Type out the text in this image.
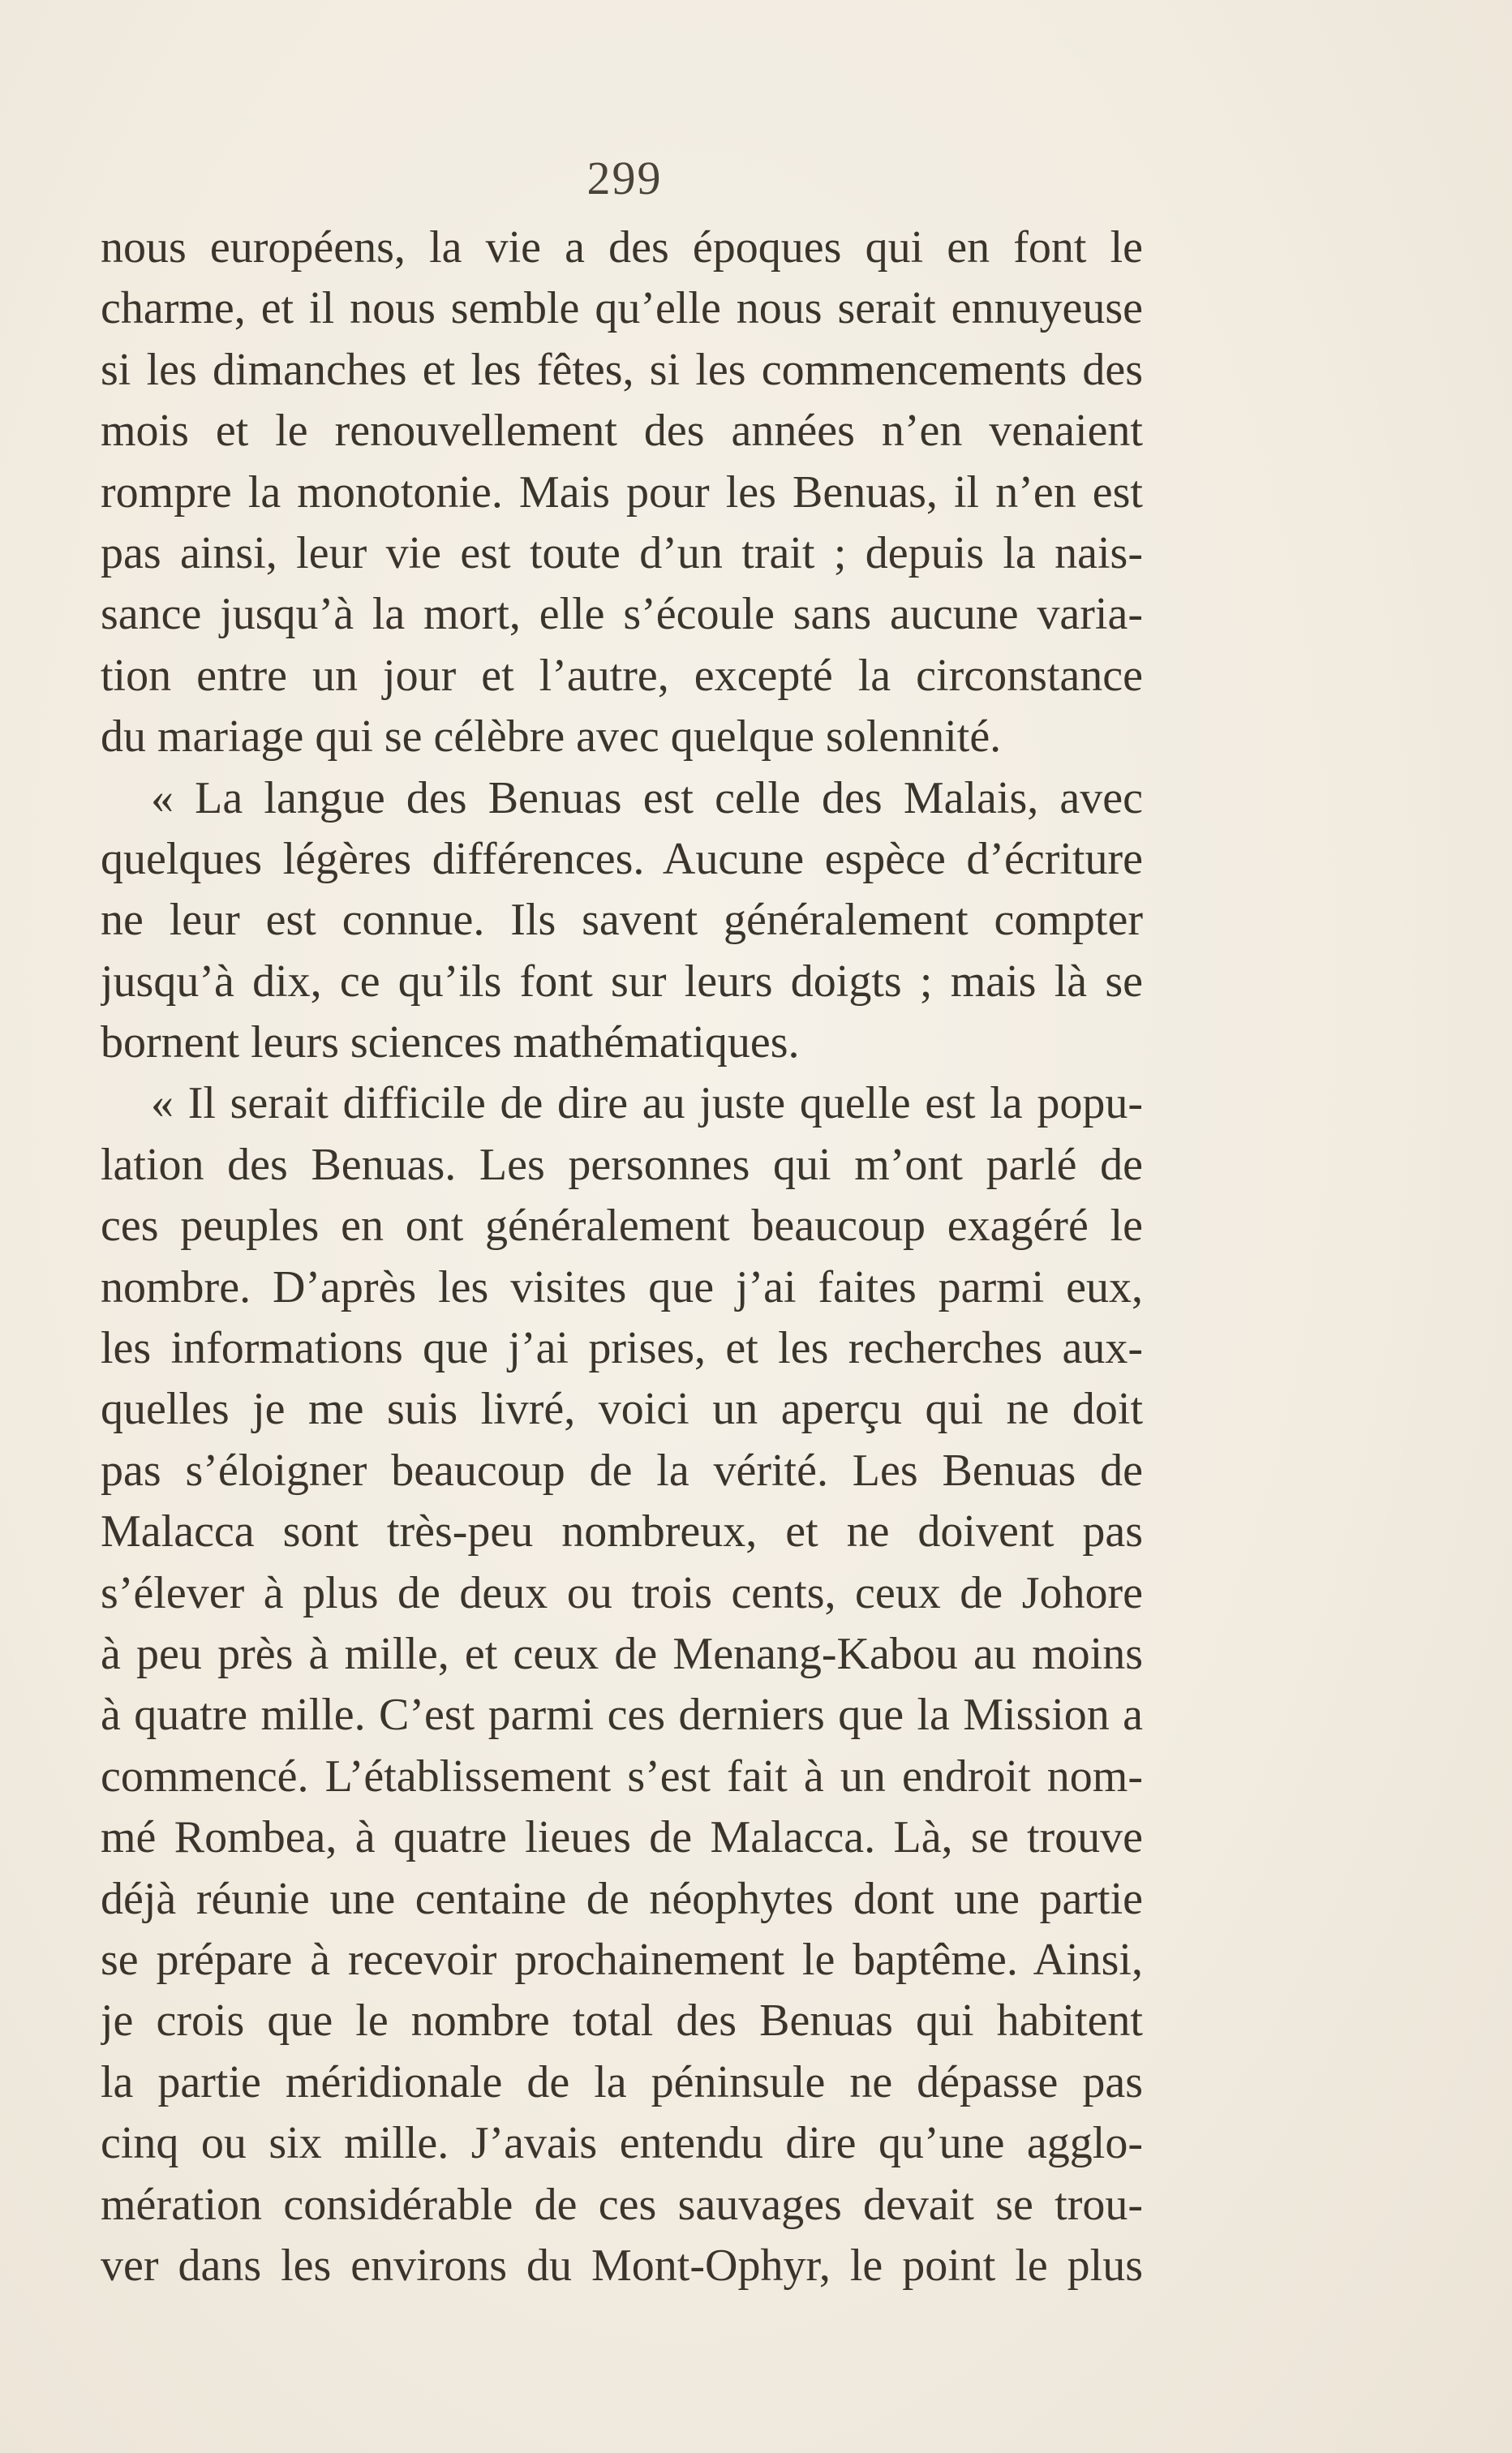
299
nous européens, la vie a des époques qui en font le
charme, et il nous semble qu’elle nous serait ennuyeuse
si les dimanches et les fêtes, si les commencements des
mois et le renouvellement des années n’en venaient
rompre la monotonie. Mais pour les Benuas, il n’en est
pas ainsi, leur vie est toute d’un trait ; depuis la nais-
sance jusqu’à la mort, elle s’écoule sans aucune varia-
tion entre un jour et l’autre, excepté la circonstance
du mariage qui se célèbre avec quelque solennité.
« La langue des Benuas est celle des Malais, avec
quelques légères différences. Aucune espèce d’écriture
ne leur est connue. Ils savent généralement compter
jusqu’à dix, ce qu’ils font sur leurs doigts ; mais là se
bornent leurs sciences mathématiques.
« Il serait difficile de dire au juste quelle est la popu-
lation des Benuas. Les personnes qui m’ont parlé de
ces peuples en ont généralement beaucoup exagéré le
nombre. D’après les visites que j’ai faites parmi eux,
les informations que j’ai prises, et les recherches aux-
quelles je me suis livré, voici un aperçu qui ne doit
pas s’éloigner beaucoup de la vérité. Les Benuas de
Malacca sont très-peu nombreux, et ne doivent pas
s’élever à plus de deux ou trois cents, ceux de Johore
à peu près à mille, et ceux de Menang-Kabou au moins
à quatre mille. C’est parmi ces derniers que la Mission a
commencé. L’établissement s’est fait à un endroit nom-
mé Rombea, à quatre lieues de Malacca. Là, se trouve
déjà réunie une centaine de néophytes dont une partie
se prépare à recevoir prochainement le baptême. Ainsi,
je crois que le nombre total des Benuas qui habitent
la partie méridionale de la péninsule ne dépasse pas
cinq ou six mille. J’avais entendu dire qu’une agglo-
mération considérable de ces sauvages devait se trou-
ver dans les environs du Mont-Ophyr, le point le plus
